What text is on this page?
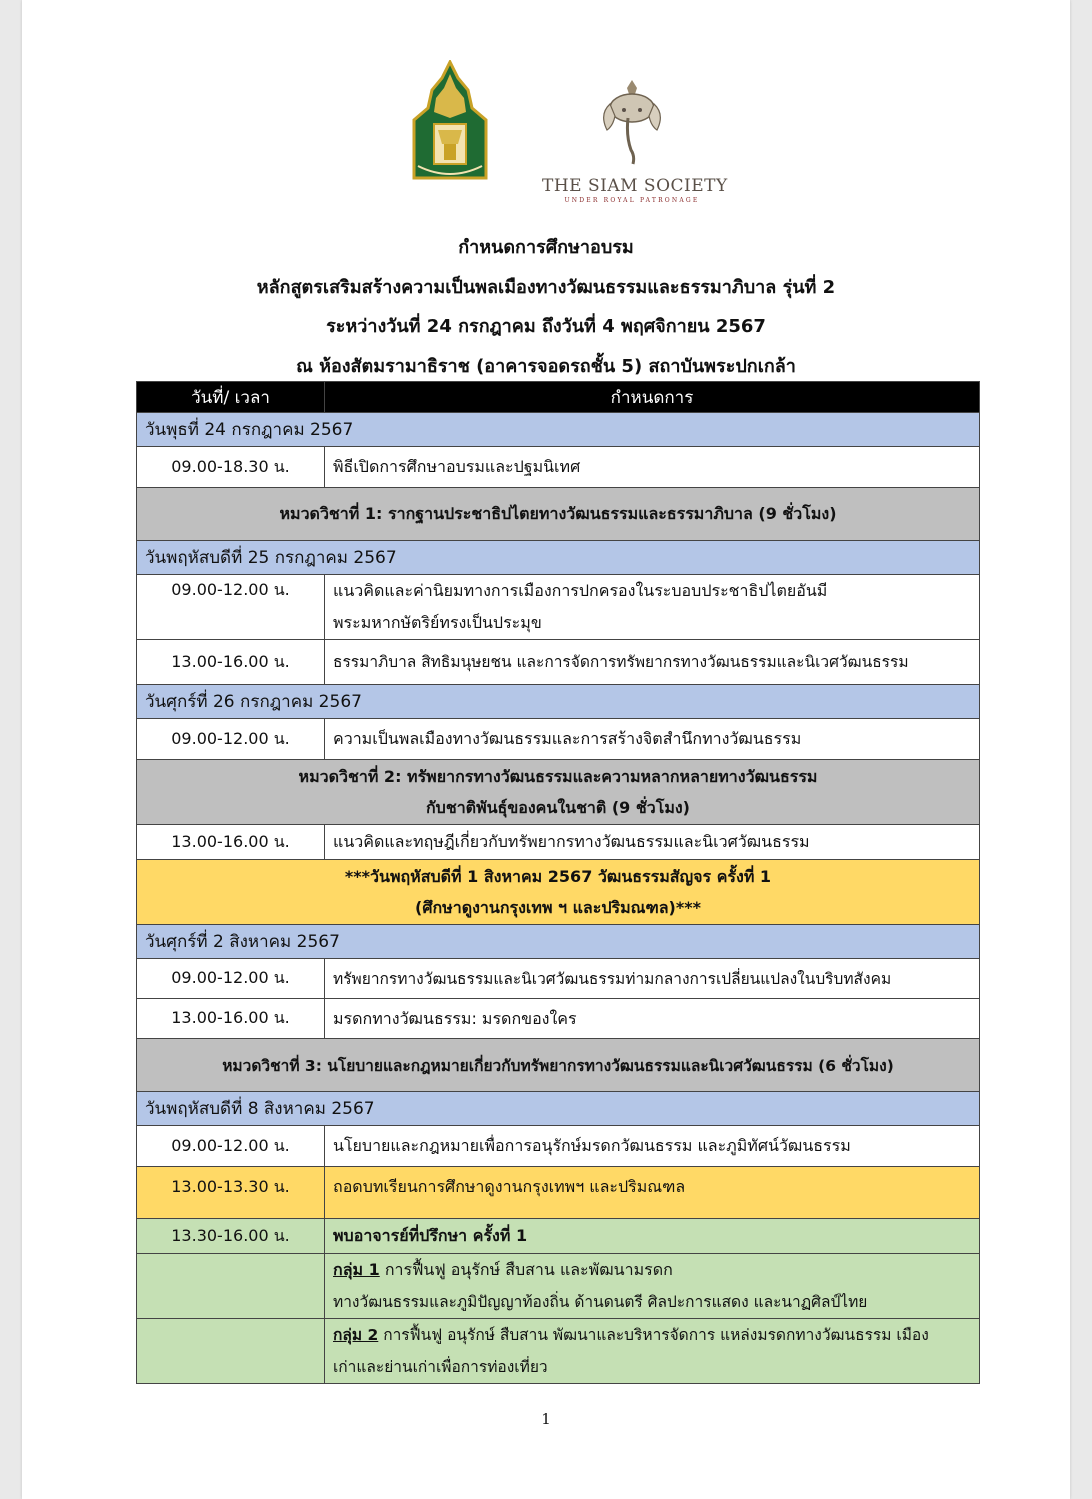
THE SIAM SOCIETY
UNDER ROYAL PATRONAGE
กำหนดการศึกษาอบรม
หลักสูตรเสริมสร้างความเป็นพลเมืองทางวัฒนธรรมและธรรมาภิบาล รุ่นที่ 2
ระหว่างวันที่ 24 กรกฎาคม ถึงวันที่ 4 พฤศจิกายน 2567
ณ ห้องสัตมรามาธิราช (อาคารจอดรถชั้น 5) สถาบันพระปกเกล้า
วันที่/ เวลา	กำหนดการ
วันพุธที่ 24 กรกฎาคม 2567	
09.00-18.30 น.	พิธีเปิดการศึกษาอบรมและปฐมนิเทศ
หมวดวิชาที่ 1: รากฐานประชาธิปไตยทางวัฒนธรรมและธรรมาภิบาล (9 ชั่วโมง)	
วันพฤหัสบดีที่ 25 กรกฎาคม 2567	
09.00-12.00 น.	แนวคิดและค่านิยมทางการเมืองการปกครองในระบอบประชาธิปไตยอันมี
พระมหากษัตริย์ทรงเป็นประมุข

13.00-16.00 น.	ธรรมาภิบาล สิทธิมนุษยชน และการจัดการทรัพยากรทางวัฒนธรรมและนิเวศวัฒนธรรม
วันศุกร์ที่ 26 กรกฎาคม 2567	
09.00-12.00 น.	ความเป็นพลเมืองทางวัฒนธรรมและการสร้างจิตสำนึกทางวัฒนธรรม

หมวดวิชาที่ 2: ทรัพยากรทางวัฒนธรรมและความหลากหลายทางวัฒนธรรม
กับชาติพันธุ์ของคนในชาติ (9 ชั่วโมง)	

13.00-16.00 น.	แนวคิดและทฤษฎีเกี่ยวกับทรัพยากรทางวัฒนธรรมและนิเวศวัฒนธรรม

***วันพฤหัสบดีที่ 1 สิงหาคม 2567 วัฒนธรรมสัญจร ครั้งที่ 1
(ศึกษาดูงานกรุงเทพ ฯ และปริมณฑล)***	

วันศุกร์ที่ 2 สิงหาคม 2567	
09.00-12.00 น.	ทรัพยากรทางวัฒนธรรมและนิเวศวัฒนธรรมท่ามกลางการเปลี่ยนแปลงในบริบทสังคม
13.00-16.00 น.	มรดกทางวัฒนธรรม: มรดกของใคร
หมวดวิชาที่ 3: นโยบายและกฎหมายเกี่ยวกับทรัพยากรทางวัฒนธรรมและนิเวศวัฒนธรรม (6 ชั่วโมง)	
วันพฤหัสบดีที่ 8 สิงหาคม 2567	
09.00-12.00 น.	นโยบายและกฎหมายเพื่อการอนุรักษ์มรดกวัฒนธรรม และภูมิทัศน์วัฒนธรรม
13.00-13.30 น.	ถอดบทเรียนการศึกษาดูงานกรุงเทพฯ และปริมณฑล
13.30-16.00 น.	พบอาจารย์ที่ปรึกษา ครั้งที่ 1

	กลุ่ม 1 การฟื้นฟู อนุรักษ์ สืบสาน และพัฒนามรดก
ทางวัฒนธรรมและภูมิปัญญาท้องถิ่น ด้านดนตรี ศิลปะการแสดง และนาฏศิลป์ไทย

	กลุ่ม 2 การฟื้นฟู อนุรักษ์ สืบสาน พัฒนาและบริหารจัดการ แหล่งมรดกทางวัฒนธรรม เมือง
เก่าและย่านเก่าเพื่อการท่องเที่ยว
1
